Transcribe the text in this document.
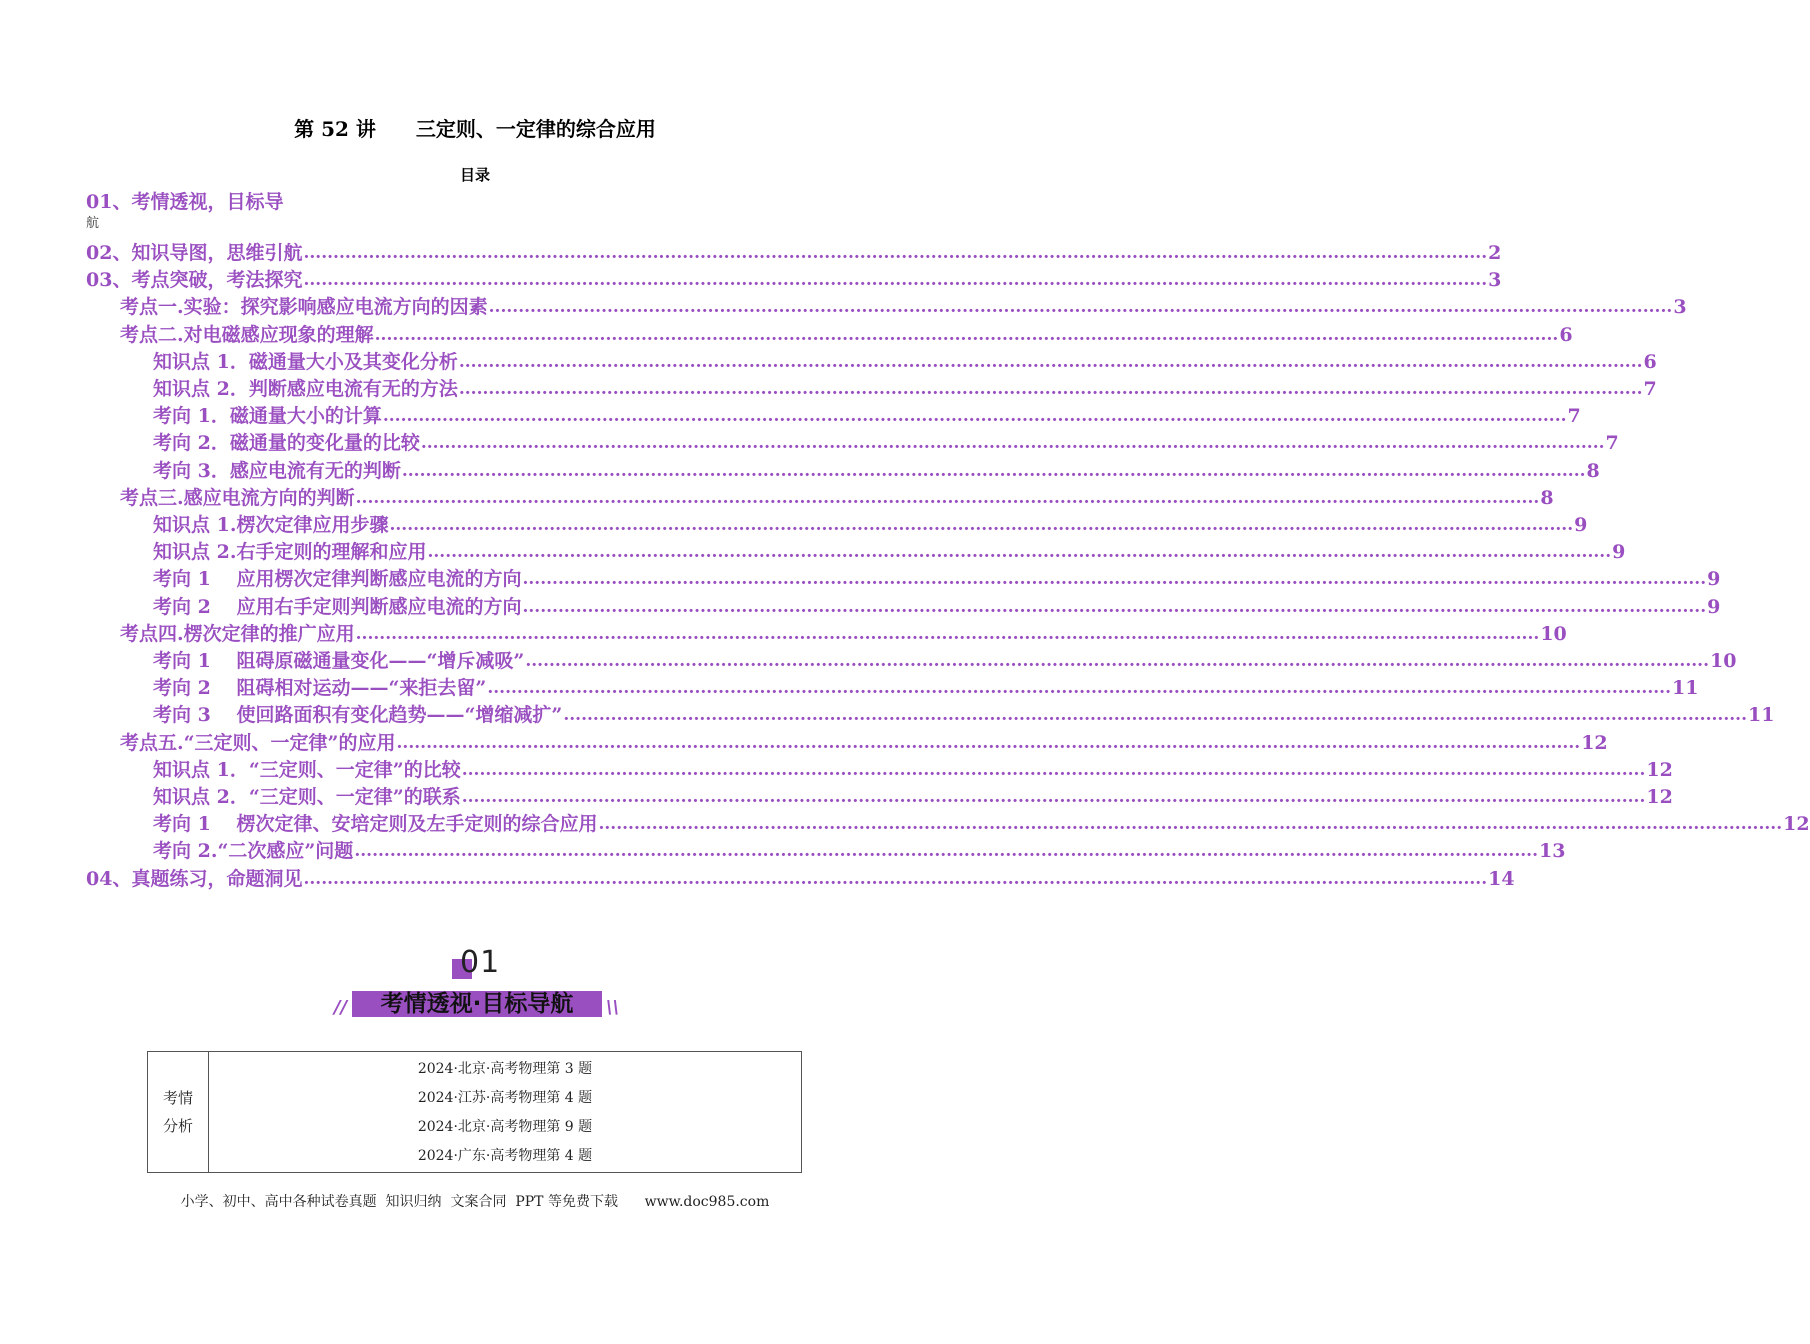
第 52 讲　　三定则、一定律的综合应用
目录
01、考情透视，目标导
航
02、知识导图，思维引航 ........................................................................................................................................................................................................ 2
03、考点突破，考法探究 ........................................................................................................................................................................................................ 3
考点一.实验：探究影响感应电流方向的因素 ........................................................................................................................................................................................................ 3
考点二.对电磁感应现象的理解 ........................................................................................................................................................................................................ 6
知识点 1．磁通量大小及其变化分析 ........................................................................................................................................................................................................ 6
知识点 2．判断感应电流有无的方法 ........................................................................................................................................................................................................ 7
考向 1．磁通量大小的计算 ........................................................................................................................................................................................................ 7
考向 2．磁通量的变化量的比较 ........................................................................................................................................................................................................ 7
考向 3．感应电流有无的判断 ........................................................................................................................................................................................................ 8
考点三.感应电流方向的判断 ........................................................................................................................................................................................................ 8
知识点 1.楞次定律应用步骤 ........................................................................................................................................................................................................ 9
知识点 2.右手定则的理解和应用 ........................................................................................................................................................................................................ 9
考向 1　 应用楞次定律判断感应电流的方向 ........................................................................................................................................................................................................ 9
考向 2　 应用右手定则判断感应电流的方向 ........................................................................................................................................................................................................ 9
考点四.楞次定律的推广应用 ........................................................................................................................................................................................................ 10
考向 1　 阻碍原磁通量变化——“增斥减吸” ........................................................................................................................................................................................................ 10
考向 2　 阻碍相对运动——“来拒去留” ........................................................................................................................................................................................................ 11
考向 3　 使回路面积有变化趋势——“增缩减扩” ........................................................................................................................................................................................................ 11
考点五.“三定则、一定律”的应用 ........................................................................................................................................................................................................ 12
知识点 1．“三定则、一定律”的比较 ........................................................................................................................................................................................................ 12
知识点 2．“三定则、一定律”的联系 ........................................................................................................................................................................................................ 12
考向 1　 楞次定律、安培定则及左手定则的综合应用 ........................................................................................................................................................................................................ 12
考向 2.“二次感应”问题 ........................................................................................................................................................................................................ 13
04、真题练习，命题洞见 ........................................................................................................................................................................................................ 14
01
考情透视·目标导航
//	\\
考情
分析
2024·北京·高考物理第 3 题
2024·江苏·高考物理第 4 题
2024·北京·高考物理第 9 题
2024·广东·高考物理第 4 题
小学、初中、高中各种试卷真题  知识归纳  文案合同  PPT 等免费下载      www.doc985.com
